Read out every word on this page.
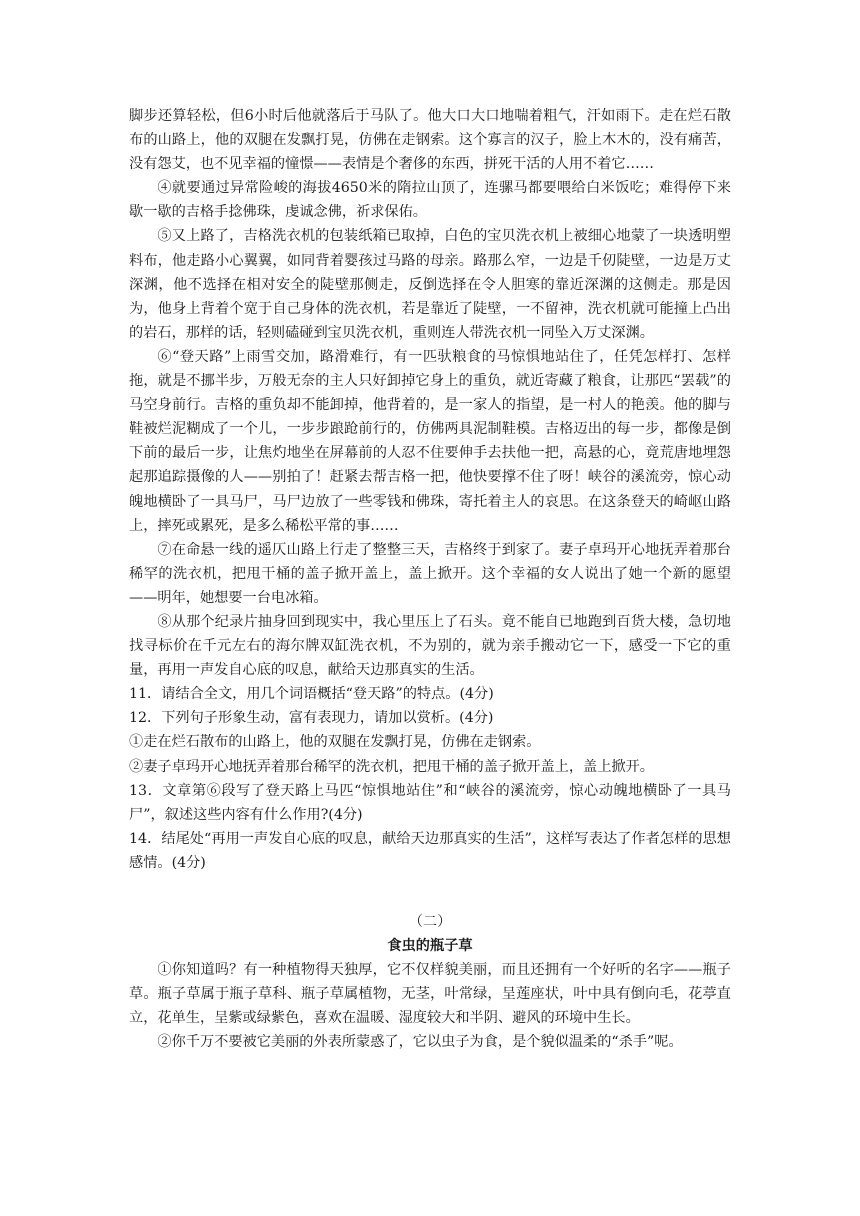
脚步还算轻松，但6小时后他就落后于马队了。他大口大口地喘着粗气，汗如雨下。走在烂石散布的山路上，他的双腿在发飘打晃，仿佛在走钢索。这个寡言的汉子，脸上木木的，没有痛苦，没有怨艾，也不见幸福的憧憬——表情是个奢侈的东西，拼死干活的人用不着它……

④就要通过异常险峻的海拔4650米的隋拉山顶了，连骡马都要喂给白米饭吃；难得停下来歇一歇的吉格手捻佛珠，虔诚念佛，祈求保佑。

⑤又上路了，吉格洗衣机的包装纸箱已取掉，白色的宝贝洗衣机上被细心地蒙了一块透明塑料布，他走路小心翼翼，如同背着婴孩过马路的母亲。路那么窄，一边是千仞陡壁，一边是万丈深渊，他不选择在相对安全的陡壁那侧走，反倒选择在令人胆寒的靠近深渊的这侧走。那是因为，他身上背着个宽于自己身体的洗衣机，若是靠近了陡壁，一不留神，洗衣机就可能撞上凸出的岩石，那样的话，轻则磕碰到宝贝洗衣机，重则连人带洗衣机一同坠入万丈深渊。

⑥“登天路”上雨雪交加，路滑难行，有一匹驮粮食的马惊惧地站住了，任凭怎样打、怎样拖，就是不挪半步，万般无奈的主人只好卸掉它身上的重负，就近寄藏了粮食，让那匹“罢载”的马空身前行。吉格的重负却不能卸掉，他背着的，是一家人的指望，是一村人的艳羡。他的脚与鞋被烂泥糊成了一个儿，一步步踉跄前行的，仿佛两具泥制鞋模。吉格迈出的每一步，都像是倒下前的最后一步，让焦灼地坐在屏幕前的人忍不住要伸手去扶他一把，高悬的心，竟荒唐地埋怨起那追踪摄像的人——别拍了！赶紧去帮吉格一把，他快要撑不住了呀！峡谷的溪流旁，惊心动魄地横卧了一具马尸，马尸边放了一些零钱和佛珠，寄托着主人的哀思。在这条登天的崎岖山路上，摔死或累死，是多么稀松平常的事……

⑦在命悬一线的遥仄山路上行走了整整三天，吉格终于到家了。妻子卓玛开心地抚弄着那台稀罕的洗衣机，把甩干桶的盖子掀开盖上，盖上掀开。这个幸福的女人说出了她一个新的愿望——明年，她想要一台电冰箱。

⑧从那个纪录片抽身回到现实中，我心里压上了石头。竟不能自已地跑到百货大楼，急切地找寻标价在千元左右的海尔牌双缸洗衣机，不为别的，就为亲手搬动它一下，感受一下它的重量，再用一声发自心底的叹息，献给天边那真实的生活。

11．请结合全文，用几个词语概括“登天路”的特点。(4分)

12．下列句子形象生动，富有表现力，请加以赏析。(4分)

①走在烂石散布的山路上，他的双腿在发飘打晃，仿佛在走钢索。

②妻子卓玛开心地抚弄着那台稀罕的洗衣机，把甩干桶的盖子掀开盖上，盖上掀开。

13．文章第⑥段写了登天路上马匹“惊惧地站住”和“峡谷的溪流旁，惊心动魄地横卧了一具马尸”，叙述这些内容有什么作用?(4分)

14．结尾处“再用一声发自心底的叹息，献给天边那真实的生活”，这样写表达了作者怎样的思想感情。(4分)

（二）

食虫的瓶子草

①你知道吗？有一种植物得天独厚，它不仅样貌美丽，而且还拥有一个好听的名字——瓶子草。瓶子草属于瓶子草科、瓶子草属植物，无茎，叶常绿，呈莲座状，叶中具有倒向毛，花葶直立，花单生，呈紫或绿紫色，喜欢在温暖、湿度较大和半阴、避风的环境中生长。

②你千万不要被它美丽的外表所蒙惑了，它以虫子为食，是个貌似温柔的“杀手”呢。
